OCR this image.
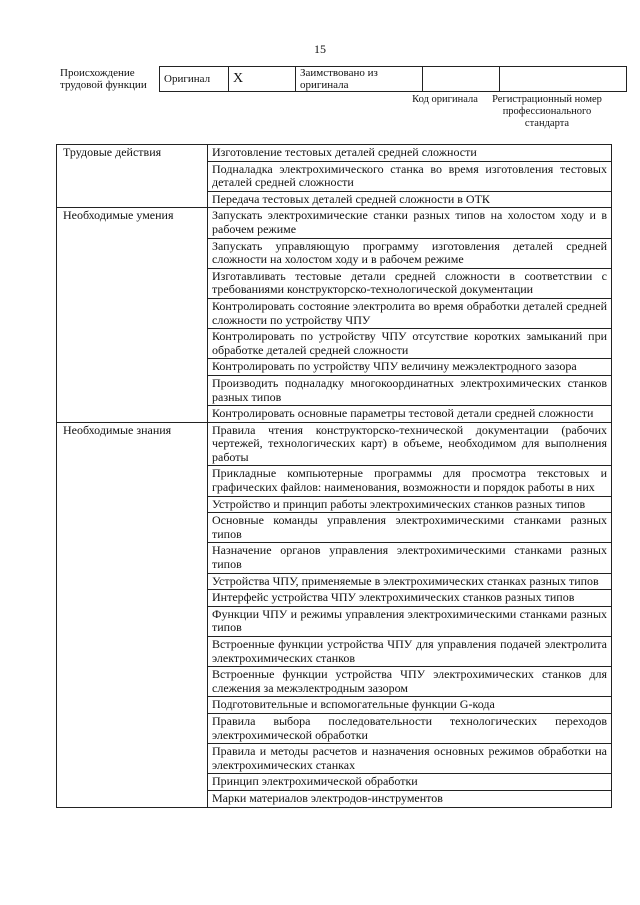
15
Происхождение трудовой функции	Оригинал	X	Заимствовано из оригинала		
Код оригинала	Регистрационный номер профессионального стандарта
Трудовые действия	Изготовление тестовых деталей средней сложности
	Подналадка электрохимического станка во время изготовления тестовых деталей средней сложности
	Передача тестовых деталей средней сложности в ОТК
Необходимые умения	Запускать электрохимические станки разных типов на холостом ходу и в рабочем режиме
	Запускать управляющую программу изготовления деталей средней сложности на холостом ходу и в рабочем режиме
	Изготавливать тестовые детали средней сложности в соответствии с требованиями конструкторско-технологической документации
	Контролировать состояние электролита во время обработки деталей средней сложности по устройству ЧПУ
	Контролировать по устройству ЧПУ отсутствие коротких замыканий при обработке деталей средней сложности
	Контролировать по устройству ЧПУ величину межэлектродного зазора
	Производить подналадку многокоординатных электрохимических станков разных типов
	Контролировать основные параметры тестовой детали средней сложности
Необходимые знания	Правила чтения конструкторско-технической документации (рабочих чертежей, технологических карт) в объеме, необходимом для выполнения работы
	Прикладные компьютерные программы для просмотра текстовых и графических файлов: наименования, возможности и порядок работы в них
	Устройство и принцип работы электрохимических станков разных типов
	Основные команды управления электрохимическими станками разных типов
	Назначение органов управления электрохимическими станками разных типов
	Устройства ЧПУ, применяемые в электрохимических станках разных типов
	Интерфейс устройства ЧПУ электрохимических станков разных типов
	Функции ЧПУ и режимы управления электрохимическими станками разных типов
	Встроенные функции устройства ЧПУ для управления подачей электролита электрохимических станков
	Встроенные функции устройства ЧПУ электрохимических станков для слежения за межэлектродным зазором
	Подготовительные и вспомогательные функции G-кода
	Правила выбора последовательности технологических переходов электрохимической обработки
	Правила и методы расчетов и назначения основных режимов обработки на электрохимических станках
	Принцип электрохимической обработки
	Марки материалов электродов-инструментов
